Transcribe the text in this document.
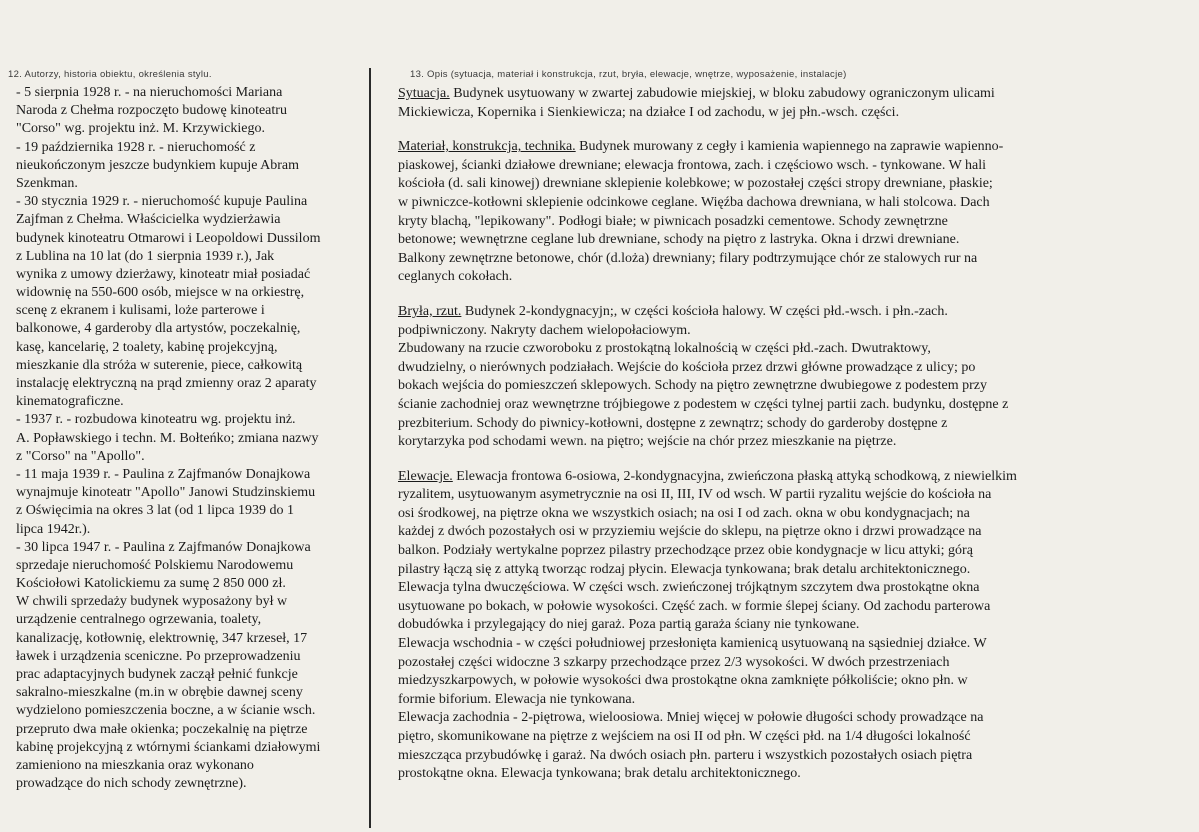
12. Autorzy, historia obiektu, określenia stylu.	13. Opis (sytuacja, materiał i konstrukcja, rzut, bryła, elewacje, wnętrze, wyposażenie, instalacje)
- 5 sierpnia 1928 r. - na nieruchomości Mariana
Naroda z Chełma rozpoczęto budowę kinoteatru
"Corso" wg. projektu inż. M. Krzywickiego.
- 19 października 1928 r. - nieruchomość z
nieukończonym jeszcze budynkiem kupuje Abram
Szenkman.
- 30 stycznia 1929 r. - nieruchomość kupuje Paulina
Zajfman z Chełma. Właścicielka wydzierżawia
budynek kinoteatru Otmarowi i Leopoldowi Dussilom
z Lublina na 10 lat (do 1 sierpnia 1939 r.), Jak
wynika z umowy dzierżawy, kinoteatr miał posiadać
widownię na 550-600 osób, miejsce w na orkiestrę,
scenę z ekranem i kulisami, loże parterowe i
balkonowe, 4 garderoby dla artystów, poczekalnię,
kasę, kancelarię, 2 toalety, kabinę projekcyjną,
mieszkanie dla stróża w suterenie, piece, całkowitą
instalację elektryczną na prąd zmienny oraz 2 aparaty
kinematograficzne.
- 1937 r. - rozbudowa kinoteatru wg. projektu inż.
A. Popławskiego i techn. M. Bołteńko; zmiana nazwy
z "Corso" na "Apollo".
- 11 maja 1939 r. - Paulina z Zajfmanów Donajkowa
wynajmuje kinoteatr "Apollo" Janowi Studzinskiemu
z Oświęcimia na okres 3 lat (od 1 lipca 1939 do 1
lipca 1942r.).
- 30 lipca 1947 r. - Paulina z Zajfmanów Donajkowa
sprzedaje nieruchomość Polskiemu Narodowemu
Kościołowi Katolickiemu za sumę 2 850 000 zł.
W chwili sprzedaży budynek wyposażony był w
urządzenie centralnego ogrzewania, toalety,
kanalizację, kotłownię, elektrownię, 347 krzeseł, 17
ławek i urządzenia sceniczne. Po przeprowadzeniu
prac adaptacyjnych budynek zaczął pełnić funkcje
sakralno-mieszkalne (m.in w obrębie dawnej sceny
wydzielono pomieszczenia boczne, a w ścianie wsch.
przepruto dwa małe okienka; poczekalnię na piętrze
kabinę projekcyjną z wtórnymi ściankami działowymi
zamieniono na mieszkania oraz wykonano
prowadzące do nich schody zewnętrzne).
Sytuacja. Budynek usytuowany w zwartej zabudowie miejskiej, w bloku zabudowy ograniczonym ulicami
Mickiewicza, Kopernika i Sienkiewicza; na działce I od zachodu, w jej płn.-wsch. części.
Materiał, konstrukcja, technika. Budynek murowany z cegły i kamienia wapiennego na zaprawie wapienno-
piaskowej, ścianki działowe drewniane; elewacja frontowa, zach. i częściowo wsch. - tynkowane. W hali
kościoła (d. sali kinowej) drewniane sklepienie kolebkowe; w pozostałej części stropy drewniane, płaskie;
w piwniczce-kotłowni sklepienie odcinkowe ceglane. Więźba dachowa drewniana, w hali stolcowa. Dach
kryty blachą, "lepikowany". Podłogi białe; w piwnicach posadzki cementowe. Schody zewnętrzne
betonowe; wewnętrzne ceglane lub drewniane, schody na piętro z lastryka. Okna i drzwi drewniane.
Balkony zewnętrzne betonowe, chór (d.loża) drewniany; filary podtrzymujące chór ze stalowych rur na
ceglanych cokołach.
Bryła, rzut. Budynek 2-kondygnacyjn;, w części kościoła halowy. W części płd.-wsch. i płn.-zach.
podpiwniczony. Nakryty dachem wielopołaciowym.
Zbudowany na rzucie czworoboku z prostokątną lokalnością w części płd.-zach. Dwutraktowy,
dwudzielny, o nierównych podziałach. Wejście do kościoła przez drzwi główne prowadzące z ulicy; po
bokach wejścia do pomieszczeń sklepowych. Schody na piętro zewnętrzne dwubiegowe z podestem przy
ścianie zachodniej oraz wewnętrzne trójbiegowe z podestem w części tylnej partii zach. budynku, dostępne z
prezbiterium. Schody do piwnicy-kotłowni, dostępne z zewnątrz; schody do garderoby dostępne z
korytarzyka pod schodami wewn. na piętro; wejście na chór przez mieszkanie na piętrze.
Elewacje. Elewacja frontowa 6-osiowa, 2-kondygnacyjna, zwieńczona płaską attyką schodkową, z niewielkim
ryzalitem, usytuowanym asymetrycznie na osi II, III, IV od wsch. W partii ryzalitu wejście do kościoła na
osi środkowej, na piętrze okna we wszystkich osiach; na osi I od zach. okna w obu kondygnacjach; na
każdej z dwóch pozostałych osi w przyziemiu wejście do sklepu, na piętrze okno i drzwi prowadzące na
balkon. Podziały wertykalne poprzez pilastry przechodzące przez obie kondygnacje w licu attyki; górą
pilastry łączą się z attyką tworząc rodzaj płycin. Elewacja tynkowana; brak detalu architektonicznego.
Elewacja tylna dwuczęściowa. W części wsch. zwieńczonej trójkątnym szczytem dwa prostokątne okna
usytuowane po bokach, w połowie wysokości. Część zach. w formie ślepej ściany. Od zachodu parterowa
dobudówka i przylegający do niej garaż. Poza partią garaża ściany nie tynkowane.
Elewacja wschodnia - w części południowej przesłonięta kamienicą usytuowaną na sąsiedniej działce. W
pozostałej części widoczne 3 szkarpy przechodzące przez 2/3 wysokości. W dwóch przestrzeniach
miedzyszkarpowych, w połowie wysokości dwa prostokątne okna zamknięte półkoliście; okno płn. w
formie biforium. Elewacja nie tynkowana.
Elewacja zachodnia - 2-piętrowa, wieloosiowa. Mniej więcej w połowie długości schody prowadzące na
piętro, skomunikowane na piętrze z wejściem na osi II od płn. W części płd. na 1/4 długości lokalność
mieszcząca przybudówkę i garaż. Na dwóch osiach płn. parteru i wszystkich pozostałych osiach piętra
prostokątne okna. Elewacja tynkowana; brak detalu architektonicznego.
